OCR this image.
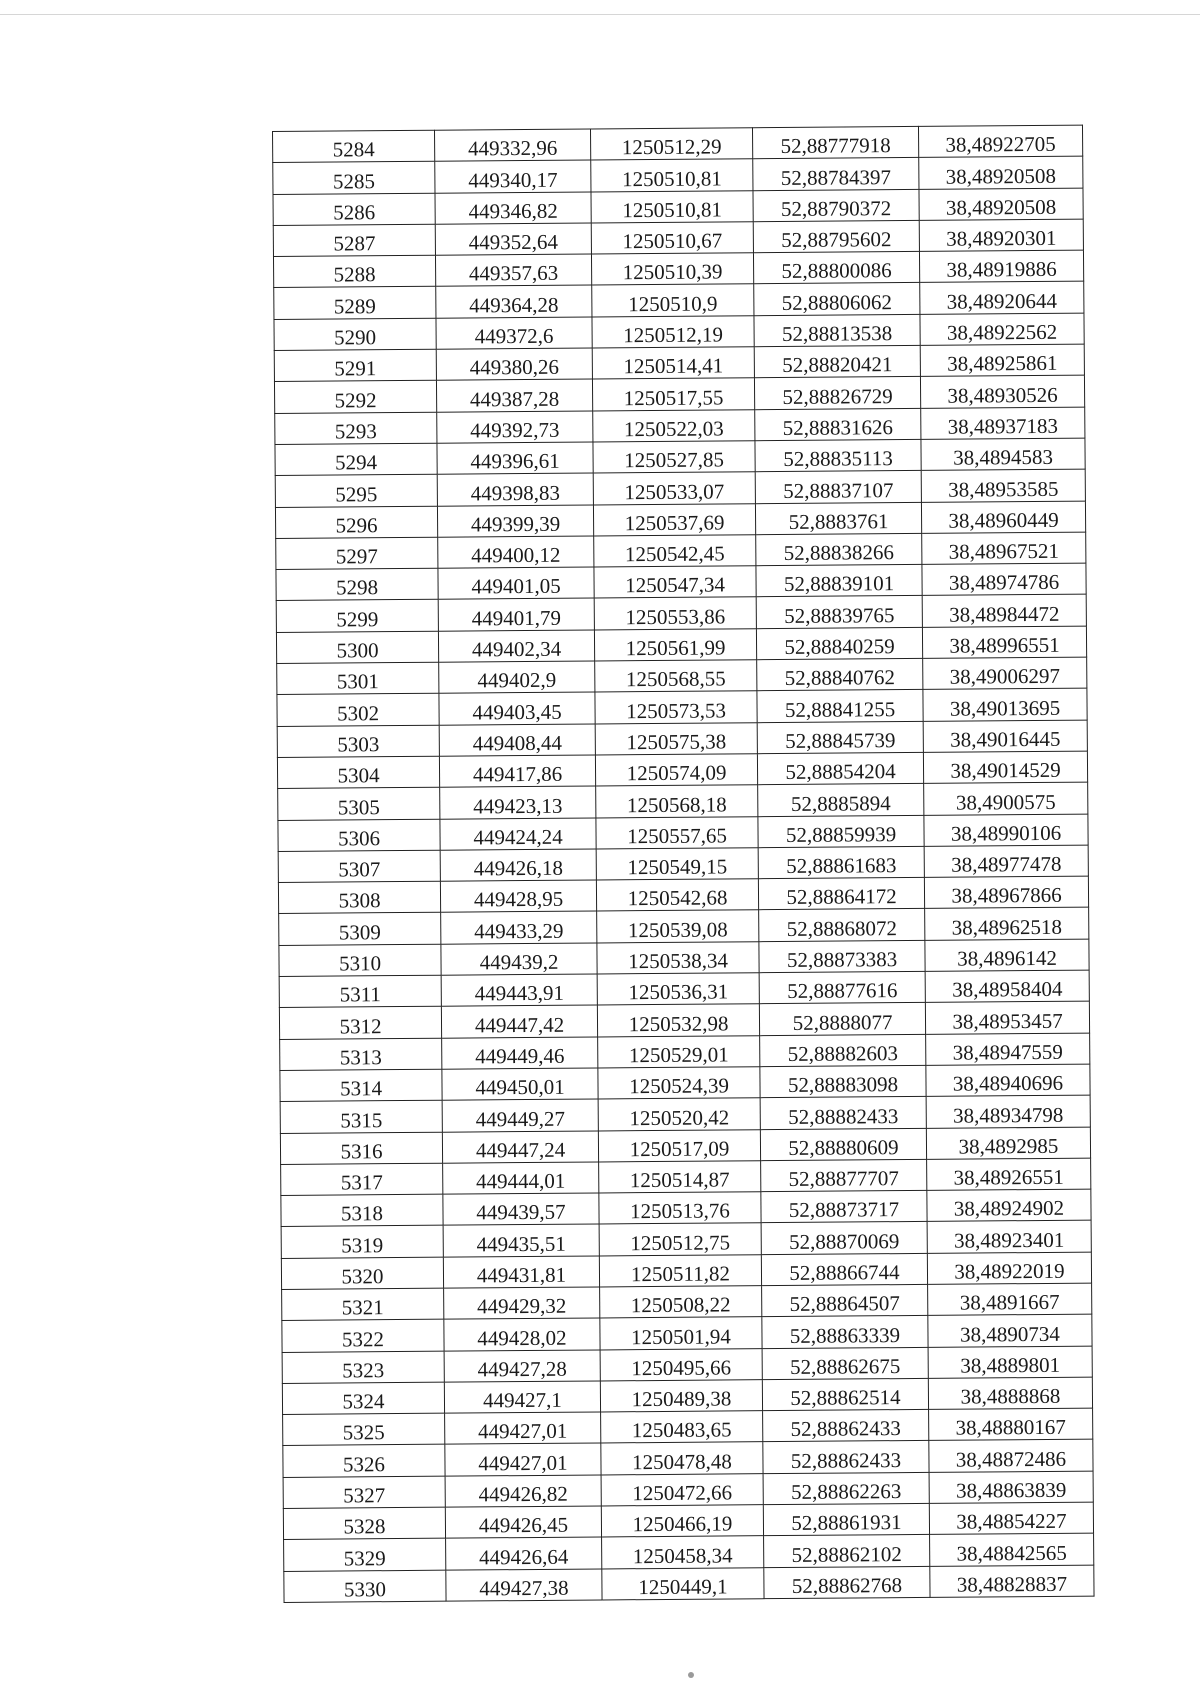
5284	449332,96	1250512,29	52,88777918	38,48922705
5285	449340,17	1250510,81	52,88784397	38,48920508
5286	449346,82	1250510,81	52,88790372	38,48920508
5287	449352,64	1250510,67	52,88795602	38,48920301
5288	449357,63	1250510,39	52,88800086	38,48919886
5289	449364,28	1250510,9	52,88806062	38,48920644
5290	449372,6	1250512,19	52,88813538	38,48922562
5291	449380,26	1250514,41	52,88820421	38,48925861
5292	449387,28	1250517,55	52,88826729	38,48930526
5293	449392,73	1250522,03	52,88831626	38,48937183
5294	449396,61	1250527,85	52,88835113	38,4894583
5295	449398,83	1250533,07	52,88837107	38,48953585
5296	449399,39	1250537,69	52,8883761	38,48960449
5297	449400,12	1250542,45	52,88838266	38,48967521
5298	449401,05	1250547,34	52,88839101	38,48974786
5299	449401,79	1250553,86	52,88839765	38,48984472
5300	449402,34	1250561,99	52,88840259	38,48996551
5301	449402,9	1250568,55	52,88840762	38,49006297
5302	449403,45	1250573,53	52,88841255	38,49013695
5303	449408,44	1250575,38	52,88845739	38,49016445
5304	449417,86	1250574,09	52,88854204	38,49014529
5305	449423,13	1250568,18	52,8885894	38,4900575
5306	449424,24	1250557,65	52,88859939	38,48990106
5307	449426,18	1250549,15	52,88861683	38,48977478
5308	449428,95	1250542,68	52,88864172	38,48967866
5309	449433,29	1250539,08	52,88868072	38,48962518
5310	449439,2	1250538,34	52,88873383	38,4896142
5311	449443,91	1250536,31	52,88877616	38,48958404
5312	449447,42	1250532,98	52,8888077	38,48953457
5313	449449,46	1250529,01	52,88882603	38,48947559
5314	449450,01	1250524,39	52,88883098	38,48940696
5315	449449,27	1250520,42	52,88882433	38,48934798
5316	449447,24	1250517,09	52,88880609	38,4892985
5317	449444,01	1250514,87	52,88877707	38,48926551
5318	449439,57	1250513,76	52,88873717	38,48924902
5319	449435,51	1250512,75	52,88870069	38,48923401
5320	449431,81	1250511,82	52,88866744	38,48922019
5321	449429,32	1250508,22	52,88864507	38,4891667
5322	449428,02	1250501,94	52,88863339	38,4890734
5323	449427,28	1250495,66	52,88862675	38,4889801
5324	449427,1	1250489,38	52,88862514	38,4888868
5325	449427,01	1250483,65	52,88862433	38,48880167
5326	449427,01	1250478,48	52,88862433	38,48872486
5327	449426,82	1250472,66	52,88862263	38,48863839
5328	449426,45	1250466,19	52,88861931	38,48854227
5329	449426,64	1250458,34	52,88862102	38,48842565
5330	449427,38	1250449,1	52,88862768	38,48828837
